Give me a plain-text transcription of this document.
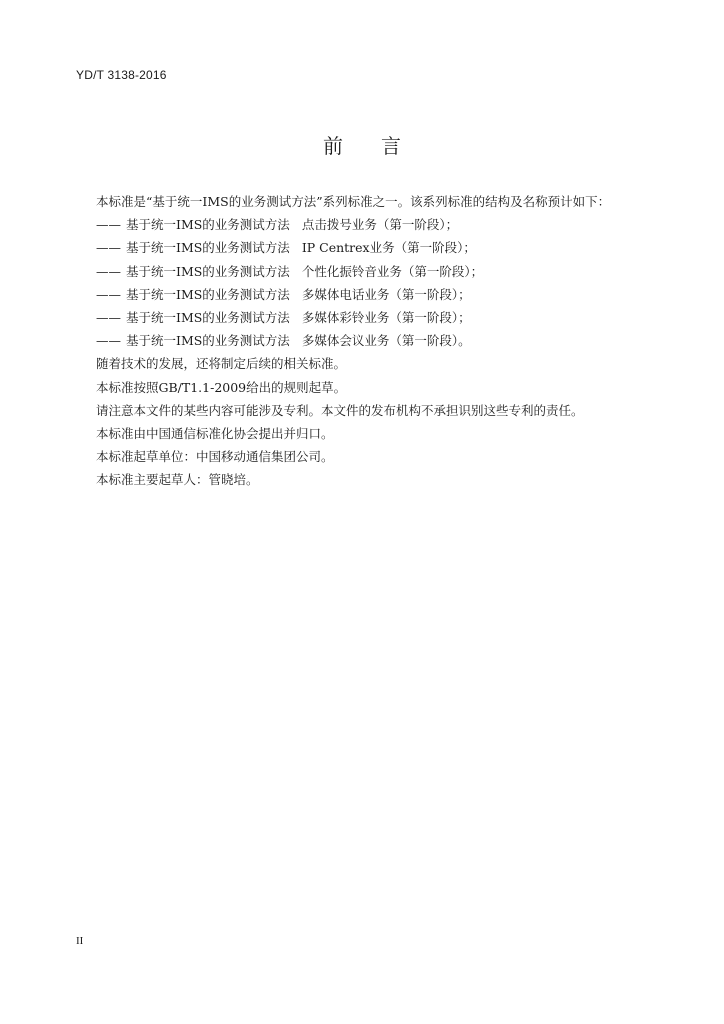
YD/T 3138-2016
前言
本标准是“基于统一IMS的业务测试方法”系列标准之一。该系列标准的结构及名称预计如下：
—— 基于统一IMS的业务测试方法 点击拨号业务（第一阶段）；
—— 基于统一IMS的业务测试方法 IP Centrex业务（第一阶段）；
—— 基于统一IMS的业务测试方法 个性化振铃音业务（第一阶段）；
—— 基于统一IMS的业务测试方法 多媒体电话业务（第一阶段）；
—— 基于统一IMS的业务测试方法 多媒体彩铃业务（第一阶段）；
—— 基于统一IMS的业务测试方法 多媒体会议业务（第一阶段）。
随着技术的发展，还将制定后续的相关标准。
本标准按照GB/T1.1-2009给出的规则起草。
请注意本文件的某些内容可能涉及专利。本文件的发布机构不承担识别这些专利的责任。
本标准由中国通信标准化协会提出并归口。
本标准起草单位：中国移动通信集团公司。
本标准主要起草人：管晓培。
II
